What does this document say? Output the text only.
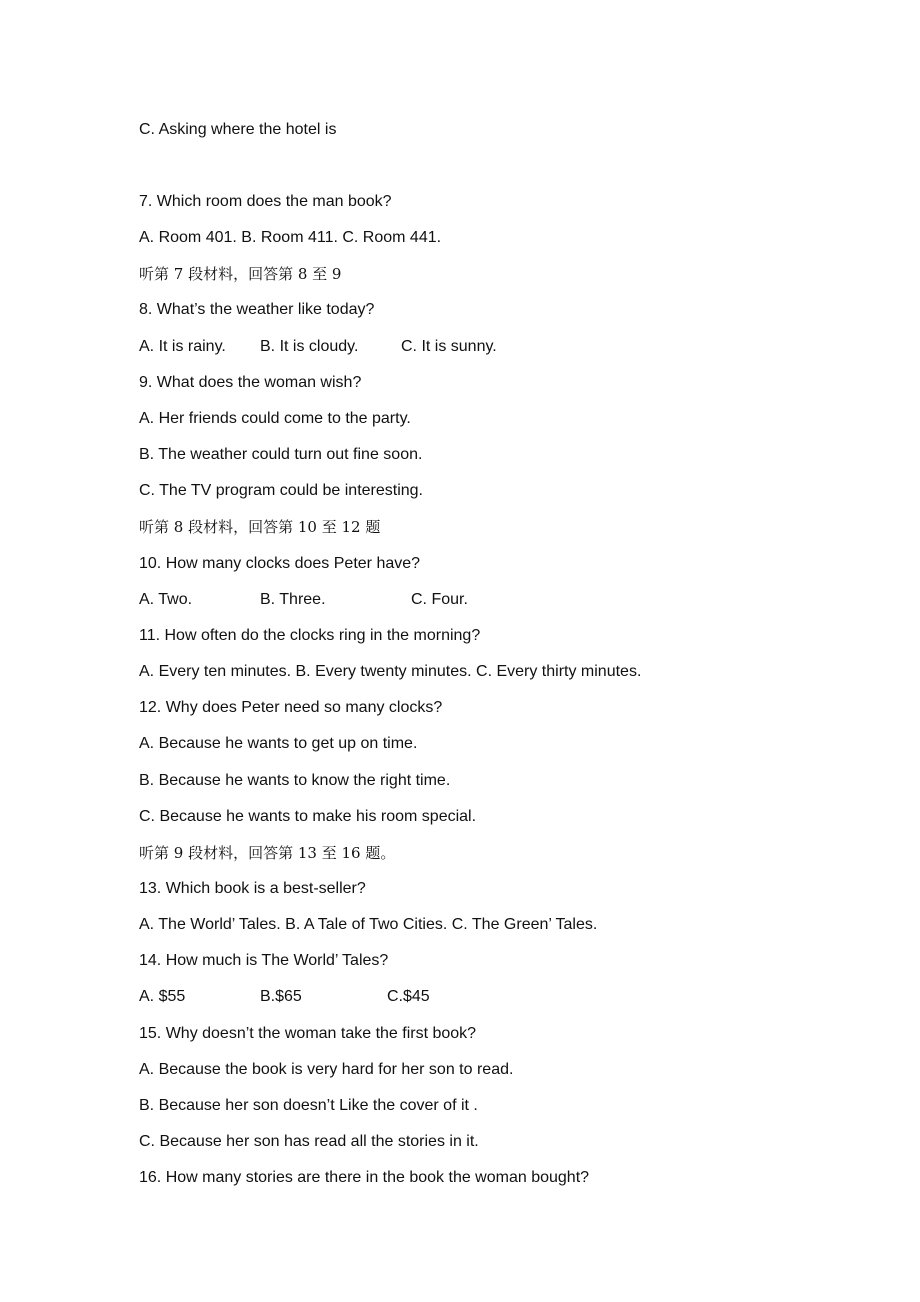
C. Asking where the hotel is
7. Which room does the man book?
A. Room 401. B. Room 411. C. Room 441.
听第 7 段材料，回答第 8 至 9
8. What’s the weather like today?
A. It is rainy. B. It is cloudy.	C. It is sunny.
9. What does the woman wish?
A. Her friends could come to the party.
B. The weather could turn out fine soon.
C. The TV program could be interesting.
听第 8 段材料，回答第 10 至 12 题
10. How many clocks does Peter have?
A. Two.	B. Three.	C. Four.
11. How often do the clocks ring in the morning?
A. Every ten minutes. B. Every twenty minutes. C. Every thirty minutes.
12. Why does Peter need so many clocks?
A. Because he wants to get up on time.
B. Because he wants to know the right time.
C. Because he wants to make his room special.
听第 9 段材料，回答第 13 至 16 题。
13. Which book is a best-seller?
A. The World’ Tales. B. A Tale of Two Cities. C. The Green’ Tales.
14. How much is The World’ Tales?
A. $55	B.$65	C.$45
15. Why doesn’t the woman take the first book?
A. Because the book is very hard for her son to read.
B. Because her son doesn’t Like the cover of it .
C. Because her son has read all the stories in it.
16. How many stories are there in the book the woman bought?
